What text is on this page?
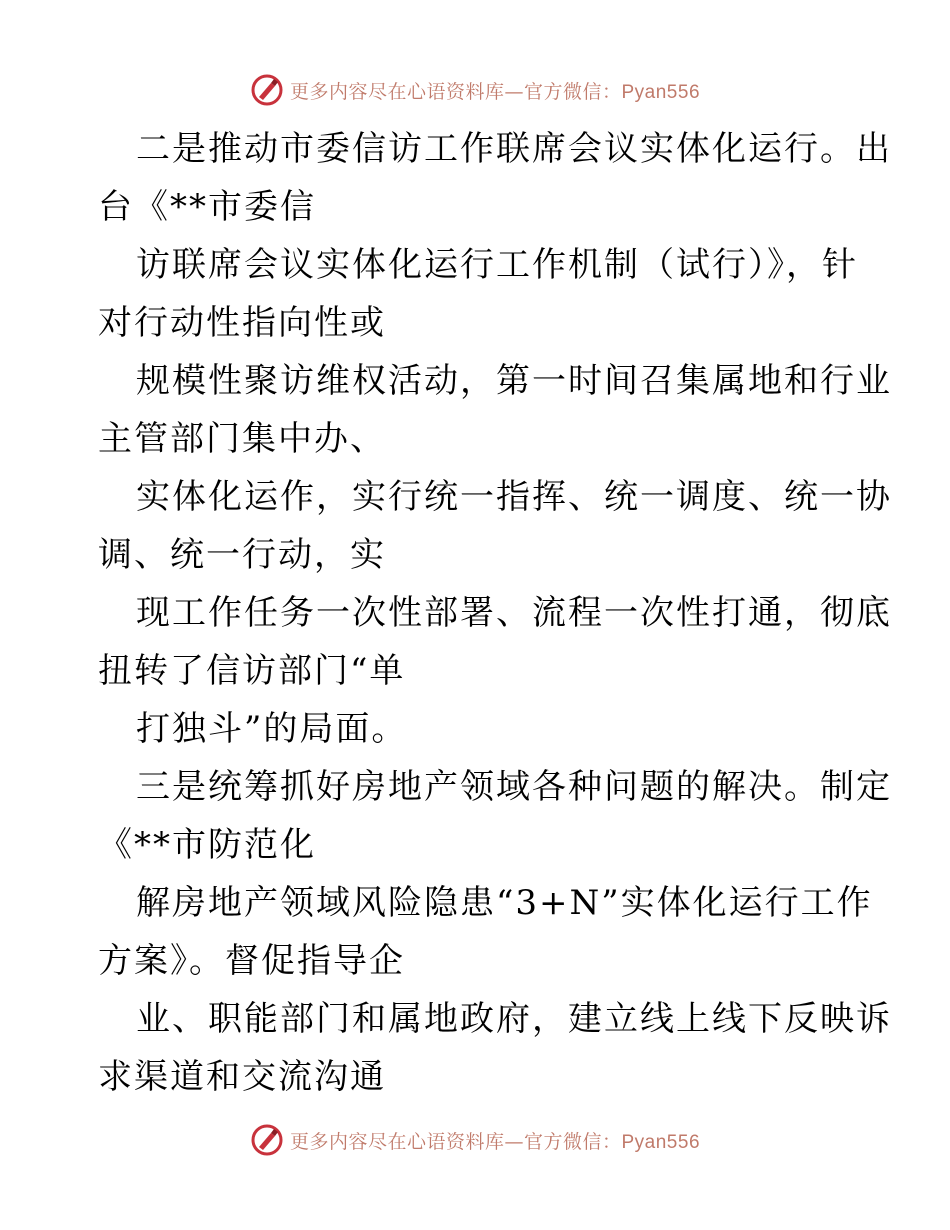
更多内容尽在心语资料库—官方微信：Pyan556
二是推动市委信访工作联席会议实体化运行。出
台《**市委信
访联席会议实体化运行工作机制（试行）》，针
对行动性指向性或
规模性聚访维权活动，第一时间召集属地和行业
主管部门集中办、
实体化运作，实行统一指挥、统一调度、统一协
调、统一行动，实
现工作任务一次性部署、流程一次性打通，彻底
扭转了信访部门“单
打独斗”的局面。
三是统筹抓好房地产领域各种问题的解决。制定
《**市防范化
解房地产领域风险隐患“3+N”实体化运行工作
方案》。督促指导企
业、职能部门和属地政府，建立线上线下反映诉
求渠道和交流沟通
更多内容尽在心语资料库—官方微信：Pyan556
